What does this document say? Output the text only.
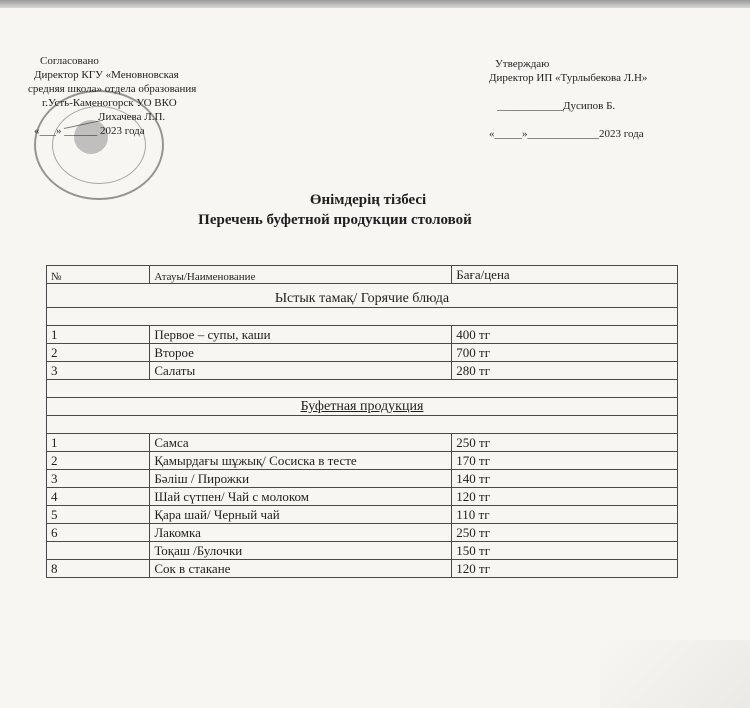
Согласовано
Директор КГУ «Меновновская
средняя школа» отдела образования
г.Усть-Каменогорск УО ВКО
Лихачева Л.П.
«___» ______ 2023 года
Утверждаю
Директор ИП «Турлыбекова Л.Н»
____________Дусипов Б.
«_____»_____________2023 года
Өнімдерің тізбесі
Перечень буфетной продукции столовой
№	Атауы/Наименование	Бағa/цена
Ыстык тамақ/ Горячие блюда		

1	Первое – супы, каши	400 тг
2	Второе	700 тг
3	Салаты	280 тг

Буфетная продукция		

1	Самса	250 тг
2	Қамырдағы шұжық/ Сосиска в тесте	170 тг
3	Бәліш / Пирожки	140 тг
4	Шай сүтпен/ Чай с молоком	120 тг
5	Қара шай/ Черный чай	110 тг
6	Лакомка	250 тг
	Тоқаш /Булочки	150 тг
8	Сок в стакане	120 тг
